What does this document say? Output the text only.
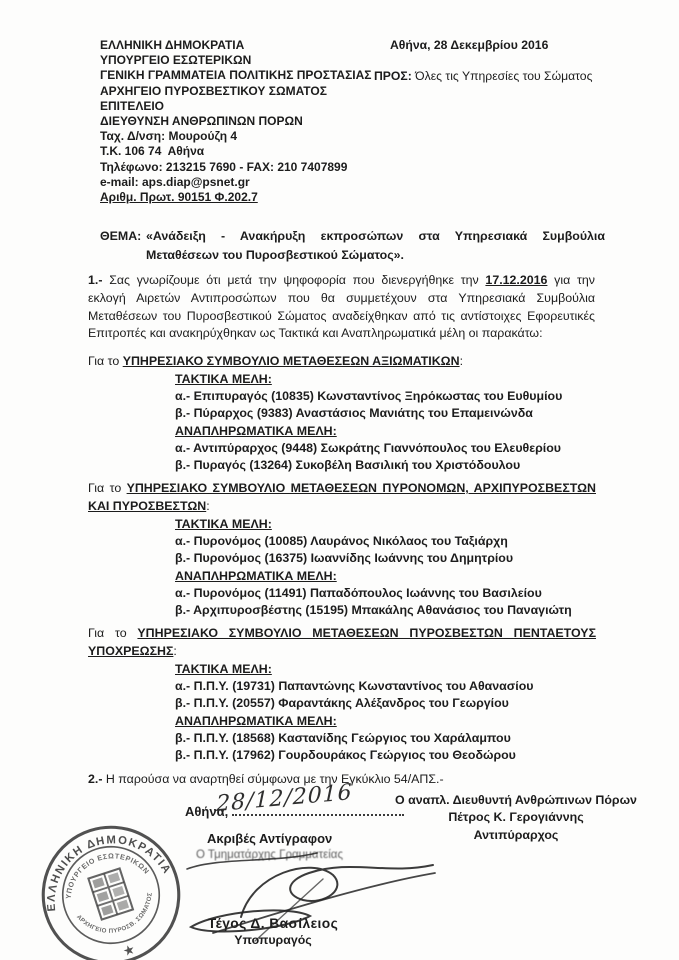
ΕΛΛΗΝΙΚΗ ΔΗΜΟΚΡΑΤΙΑ
ΥΠΟΥΡΓΕΙΟ ΕΣΩΤΕΡΙΚΩΝ
ΓΕΝΙΚΗ ΓΡΑΜΜΑΤΕΙΑ ΠΟΛΙΤΙΚΗΣ ΠΡΟΣΤΑΣΙΑΣ
ΑΡΧΗΓΕΙΟ ΠΥΡΟΣΒΕΣΤΙΚΟΥ ΣΩΜΑΤΟΣ
ΕΠΙΤΕΛΕΙΟ
ΔΙΕΥΘΥΝΣΗ ΑΝΘΡΩΠΙΝΩΝ ΠΟΡΩΝ
Ταχ. Δ/νση: Μουρούζη 4
Τ.Κ. 106 74  Αθήνα
Τηλέφωνο: 213215 7690 - FAX: 210 7407899
e-mail: aps.diap@psnet.gr
Αριθμ. Πρωτ. 90151 Φ.202.7
Αθήνα, 28 Δεκεμβρίου 2016
ΠΡΟΣ: Όλες τις Υπηρεσίες του Σώματος
ΘΕΜΑ: «Ανάδειξη - Ανακήρυξη εκπροσώπων στα Υπηρεσιακά Συμβούλια Μεταθέσεων του Πυροσβεστικού Σώματος».
1.- Σας γνωρίζουμε ότι μετά την ψηφοφορία που διενεργήθηκε την 17.12.2016 για την εκλογή Αιρετών Αντιπροσώπων που θα συμμετέχουν στα Υπηρεσιακά Συμβούλια Μεταθέσεων του Πυροσβεστικού Σώματος αναδείχθηκαν από τις αντίστοιχες Εφορευτικές Επιτροπές και ανακηρύχθηκαν ως Τακτικά και Αναπληρωματικά μέλη οι παρακάτω:
Για το ΥΠΗΡΕΣΙΑΚΟ ΣΥΜΒΟΥΛΙΟ ΜΕΤΑΘΕΣΕΩΝ ΑΞΙΩΜΑΤΙΚΩΝ:
ΤΑΚΤΙΚΑ ΜΕΛΗ:
α.- Επιπυραγός (10835) Κωνσταντίνος Ξηρόκωστας του Ευθυμίου
β.- Πύραρχος (9383) Αναστάσιος Μανιάτης του Επαμεινώνδα
ΑΝΑΠΛΗΡΩΜΑΤΙΚΑ ΜΕΛΗ:
α.- Αντιπύραρχος (9448) Σωκράτης Γιαννόπουλος του Ελευθερίου
β.- Πυραγός (13264) Συκοβέλη Βασιλική του Χριστόδουλου
Για το ΥΠΗΡΕΣΙΑΚΟ ΣΥΜΒΟΥΛΙΟ ΜΕΤΑΘΕΣΕΩΝ ΠΥΡΟΝΟΜΩΝ, ΑΡΧΙΠΥΡΟΣΒΕΣΤΩΝ ΚΑΙ ΠΥΡΟΣΒΕΣΤΩΝ:
ΤΑΚΤΙΚΑ ΜΕΛΗ:
α.- Πυρονόμος (10085) Λαυράνος Νικόλαος του Ταξιάρχη
β.- Πυρονόμος (16375) Ιωαννίδης Ιωάννης του Δημητρίου
ΑΝΑΠΛΗΡΩΜΑΤΙΚΑ ΜΕΛΗ:
α.- Πυρονόμος (11491) Παπαδόπουλος Ιωάννης του Βασιλείου
β.- Αρχιπυροσβέστης (15195) Μπακάλης Αθανάσιος του Παναγιώτη
Για το ΥΠΗΡΕΣΙΑΚΟ ΣΥΜΒΟΥΛΙΟ ΜΕΤΑΘΕΣΕΩΝ ΠΥΡΟΣΒΕΣΤΩΝ ΠΕΝΤΑΕΤΟΥΣ ΥΠΟΧΡΕΩΣΗΣ:
ΤΑΚΤΙΚΑ ΜΕΛΗ:
α.- Π.Π.Υ. (19731) Παπαντώνης Κωνσταντίνος του Αθανασίου
β.- Π.Π.Υ. (20557) Φαραντάκης Αλέξανδρος του Γεωργίου
ΑΝΑΠΛΗΡΩΜΑΤΙΚΑ ΜΕΛΗ:
β.- Π.Π.Υ. (18568) Καστανίδης Γεώργιος του Χαράλαμπου
β.- Π.Π.Υ. (17962) Γουρδουράκος Γεώργιος του Θεοδώρου
2.- Η παρούσα να αναρτηθεί σύμφωνα με την Εγκύκλιο 54/ΑΠΣ.-
Αθήνα,
28/12/2016
Ακριβές Αντίγραφον
Ο Τμηματάρχης Γραμματείας
Τέγος Δ. Βασίλειος
Υποπυραγός
Ο αναπλ. Διευθυντή Ανθρώπινων Πόρων
Πέτρος Κ. Γερογιάννης
Αντιπύραρχος
ΕΛΛΗΝΙΚΗ ΔΗΜΟΚΡΑΤΙΑ
ΥΠΟΥΡΓΕΙΟ ΕΣΩΤΕΡΙΚΩΝ
ΑΡΧΗΓΕΙΟ ΠΥΡΟΣΒ. ΣΩΜΑΤΟΣ
★
